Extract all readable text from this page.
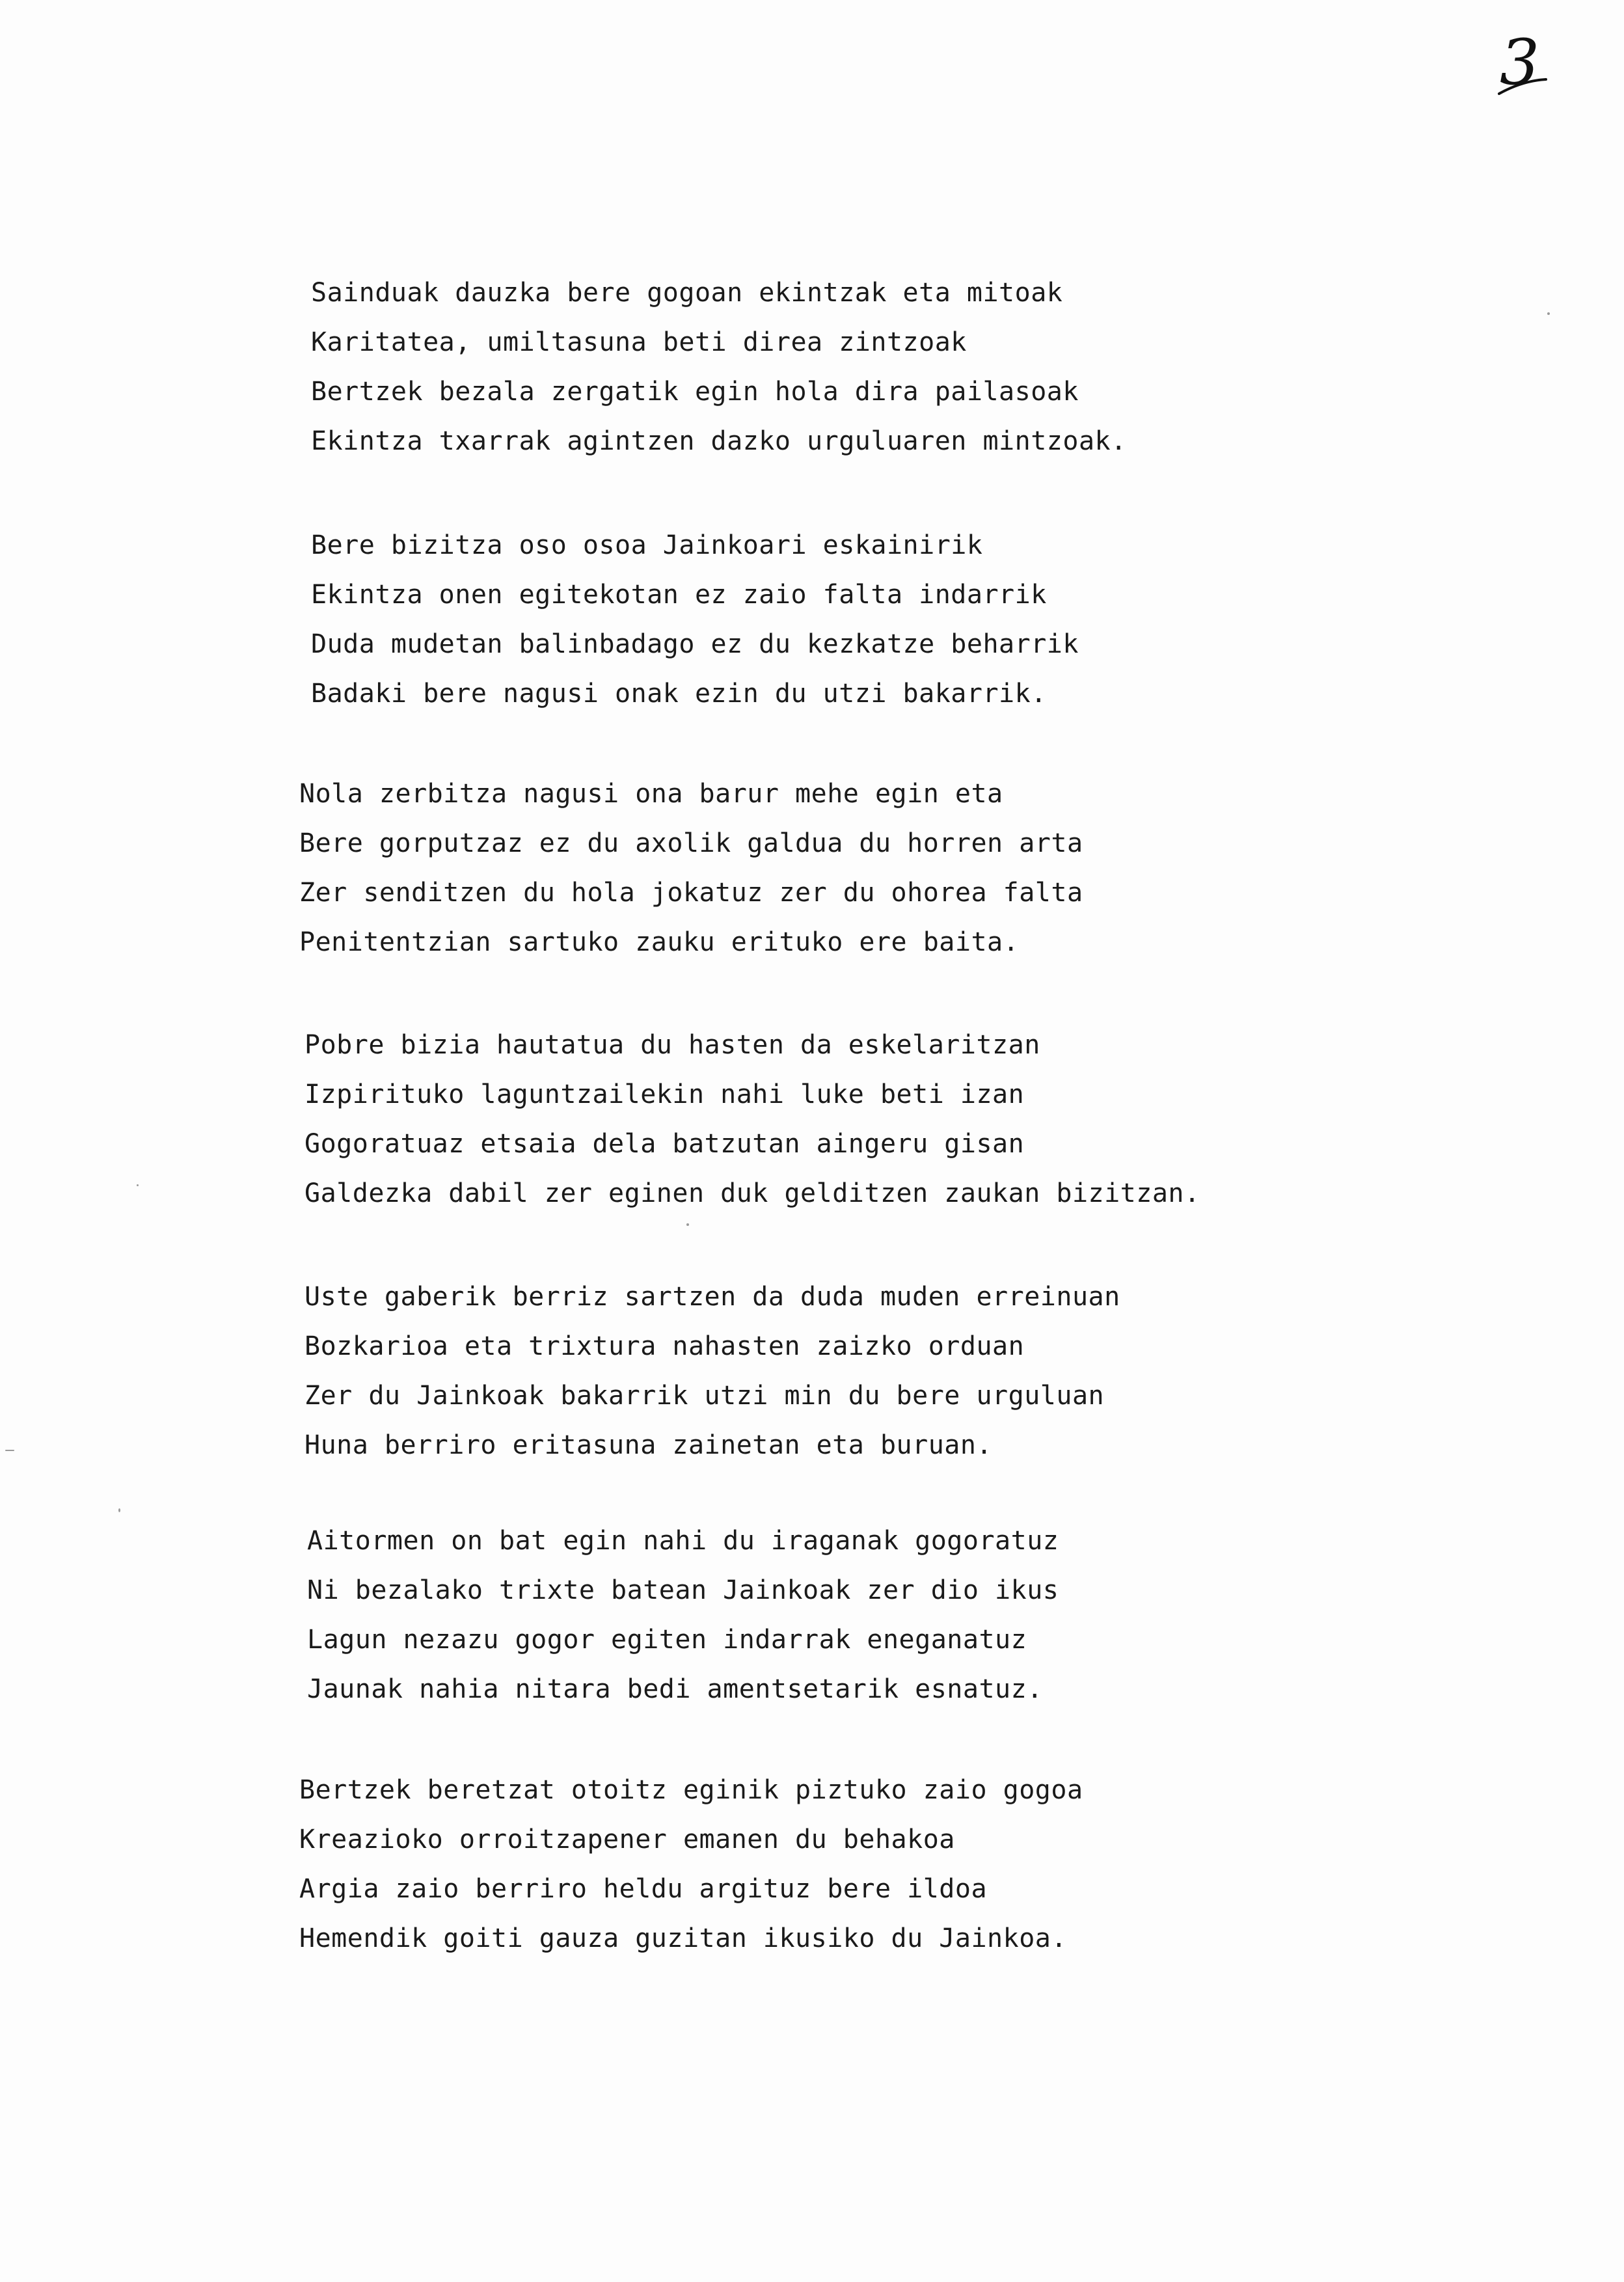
3
Sainduak dauzka bere gogoan ekintzak eta mitoak
Karitatea, umiltasuna beti direa zintzoak
Bertzek bezala zergatik egin hola dira pailasoak
Ekintza txarrak agintzen dazko urguluaren mintzoak.
Bere bizitza oso osoa Jainkoari eskainirik
Ekintza onen egitekotan ez zaio falta indarrik
Duda mudetan balinbadago ez du kezkatze beharrik
Badaki bere nagusi onak ezin du utzi bakarrik.
Nola zerbitza nagusi ona barur mehe egin eta
Bere gorputzaz ez du axolik galdua du horren arta
Zer senditzen du hola jokatuz zer du ohorea falta
Penitentzian sartuko zauku erituko ere baita.
Pobre bizia hautatua du hasten da eskelaritzan
Izpirituko laguntzailekin nahi luke beti izan
Gogoratuaz etsaia dela batzutan aingeru gisan
Galdezka dabil zer eginen duk gelditzen zaukan bizitzan.
Uste gaberik berriz sartzen da duda muden erreinuan
Bozkarioa eta trixtura nahasten zaizko orduan
Zer du Jainkoak bakarrik utzi min du bere urguluan
Huna berriro eritasuna zainetan eta buruan.
Aitormen on bat egin nahi du iraganak gogoratuz
Ni bezalako trixte batean Jainkoak zer dio ikus
Lagun nezazu gogor egiten indarrak eneganatuz
Jaunak nahia nitara bedi amentsetarik esnatuz.
Bertzek beretzat otoitz eginik piztuko zaio gogoa
Kreazioko orroitzapener emanen du behakoa
Argia zaio berriro heldu argituz bere ildoa
Hemendik goiti gauza guzitan ikusiko du Jainkoa.
